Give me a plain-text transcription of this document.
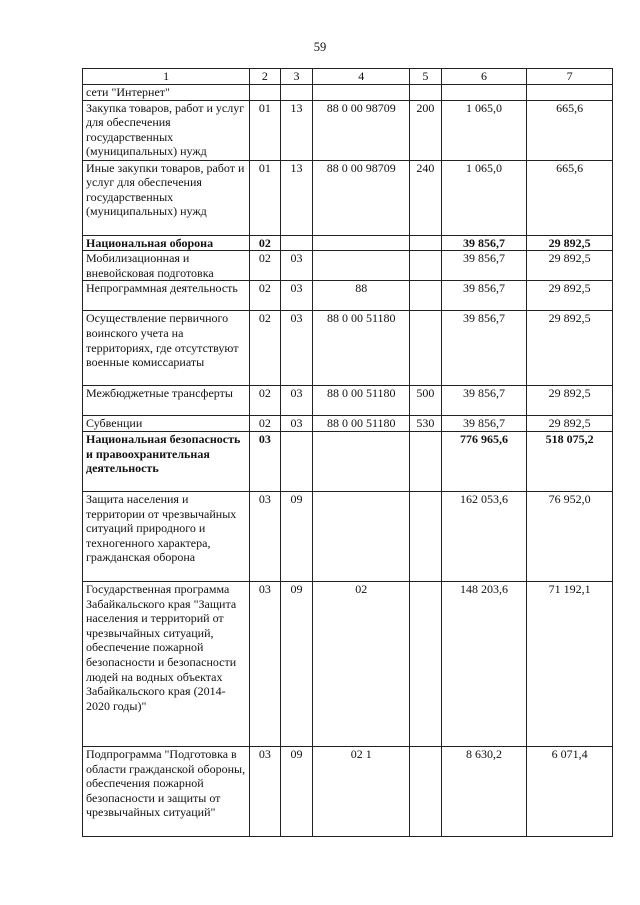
59
1	2	3	4	5	6	7
сети "Интернет"						
Закупка товаров, работ и услуг для обеспечения государственных (муниципальных) нужд	01	13	88 0 00 98709	200	1 065,0	665,6
Иные закупки товаров, работ и услуг для обеспечения государственных (муниципальных) нужд	01	13	88 0 00 98709	240	1 065,0	665,6
Национальная оборона	02				39 856,7	29 892,5
Мобилизационная и вневойсковая подготовка	02	03			39 856,7	29 892,5
Непрограммная деятельность	02	03	88		39 856,7	29 892,5
Осуществление первичного воинского учета на территориях, где отсутствуют военные комиссариаты	02	03	88 0 00 51180		39 856,7	29 892,5
Межбюджетные трансферты	02	03	88 0 00 51180	500	39 856,7	29 892,5
Субвенции	02	03	88 0 00 51180	530	39 856,7	29 892,5
Национальная безопасность и правоохранительная деятельность	03				776 965,6	518 075,2
Защита населения и территории от чрезвычайных ситуаций природного и техногенного характера, гражданская оборона	03	09			162 053,6	76 952,0
Государственная программа Забайкальского края "Защита населения и территорий от чрезвычайных ситуаций, обеспечение пожарной безопасности и безопасности людей на водных объектах Забайкальского края (2014-2020 годы)"	03	09	02		148 203,6	71 192,1
Подпрограмма "Подготовка в области гражданской обороны, обеспечения пожарной безопасности и защиты от чрезвычайных ситуаций"	03	09	02 1		8 630,2	6 071,4
